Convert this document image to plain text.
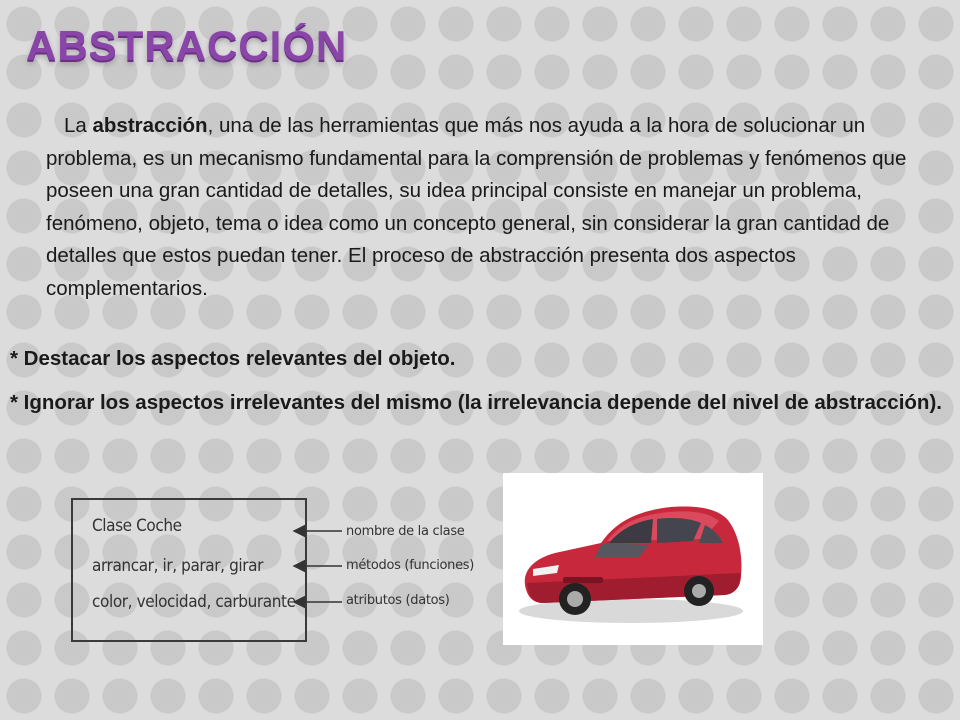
ABSTRACCIÓN

La abstracción, una de las herramientas que más nos ayuda a la hora de solucionar un problema, es un mecanismo fundamental para la comprensión de problemas y fenómenos que poseen una gran cantidad de detalles, su idea principal consiste en manejar un problema, fenómeno, objeto, tema o idea como un concepto general, sin considerar la gran cantidad de detalles que estos puedan tener. El proceso de abstracción presenta dos aspectos complementarios.

* Destacar los aspectos relevantes del objeto.

* Ignorar los aspectos irrelevantes del mismo (la irrelevancia depende del nivel de abstracción).

Clase Coche
arrancar, ir, parar, girar
color, velocidad, carburante
nombre de la clase
métodos (funciones)
atributos (datos)
